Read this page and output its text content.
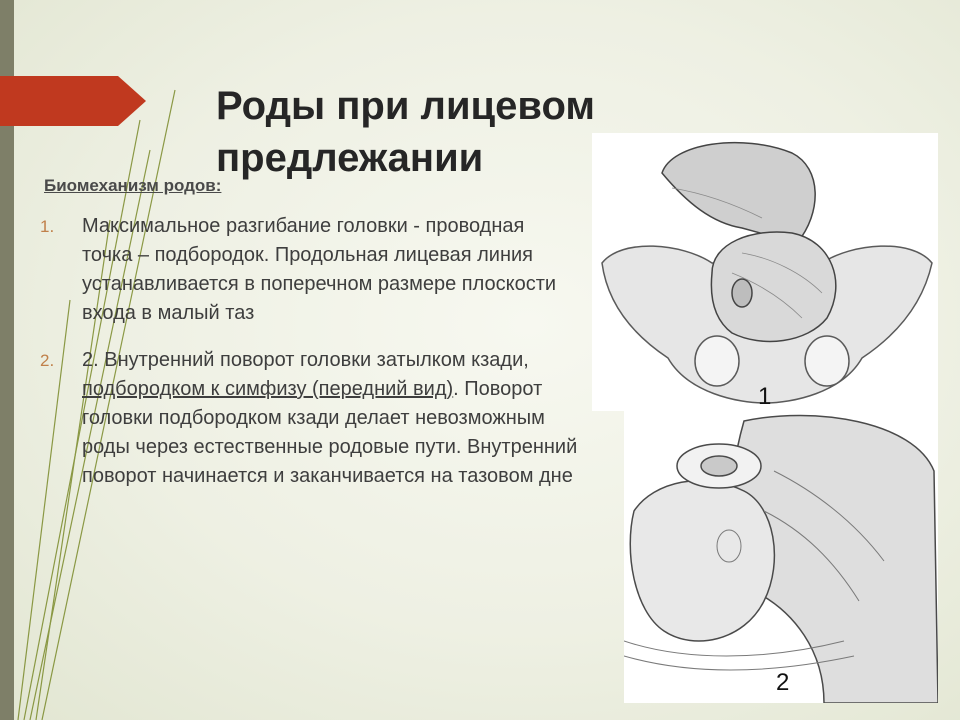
Роды при лицевом предлежании
Биомеханизм родов:
1. Максимальное разгибание головки - проводная точка – подбородок. Продольная лицевая линия устанавливается в поперечном размере плоскости входа в малый таз
2. 2. Внутренний поворот головки затылком кзади, подбородком к симфизу (передний вид). Поворот головки подбородком кзади делает невозможным роды через естественные родовые пути. Внутренний поворот начинается и заканчивается на тазовом дне
1
2
